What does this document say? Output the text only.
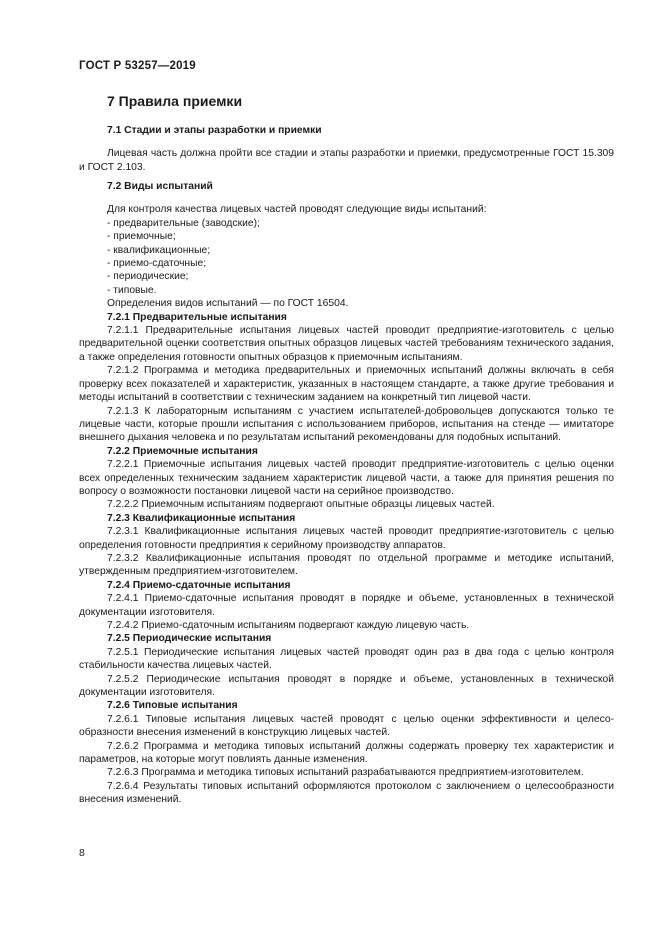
ГОСТ Р 53257—2019
7 Правила приемки

7.1 Стадии и этапы разработки и приемки

Лицевая часть должна пройти все стадии и этапы разработки и приемки, предусмотренные ГОСТ 15.309 и ГОСТ 2.103.

7.2 Виды испытаний

Для контроля качества лицевых частей проводят следующие виды испытаний:

- предварительные (заводские);

- приемочные;

- квалификационные;

- приемо-сдаточные;

- периодические;

- типовые.

Определения видов испытаний — по ГОСТ 16504.

7.2.1 Предварительные испытания

7.2.1.1 Предварительные испытания лицевых частей проводит предприятие-изготовитель с целью предварительной оценки соответствия опытных образцов лицевых частей требованиям технического задания, а также определения готовности опытных образцов к приемочным испытаниям.

7.2.1.2 Программа и методика предварительных и приемочных испытаний должны включать в себя проверку всех показателей и характеристик, указанных в настоящем стандарте, а также другие требования и методы испытаний в соответствии с техническим заданием на конкретный тип лицевой части.

7.2.1.3 К лабораторным испытаниям с участием испытателей-добровольцев допускаются только те лицевые части, которые прошли испытания с использованием приборов, испытания на стенде — имитаторе внешнего дыхания человека и по результатам испытаний рекомендованы для подобных испытаний.

7.2.2 Приемочные испытания

7.2.2.1 Приемочные испытания лицевых частей проводит предприятие-изготовитель с целью оценки всех определенных техническим заданием характеристик лицевой части, а также для принятия решения по вопросу о возможности постановки лицевой части на серийное производство.

7.2.2.2 Приемочным испытаниям подвергают опытные образцы лицевых частей.

7.2.3 Квалификационные испытания

7.2.3.1 Квалификационные испытания лицевых частей проводит предприятие-изготовитель с целью определения готовности предприятия к серийному производству аппаратов.

7.2.3.2 Квалификационные испытания проводят по отдельной программе и методике испытаний, утвержденным предприятием-изготовителем.

7.2.4 Приемо-сдаточные испытания

7.2.4.1 Приемо-сдаточные испытания проводят в порядке и объеме, установленных в технической документации изготовителя.

7.2.4.2 Приемо-сдаточным испытаниям подвергают каждую лицевую часть.

7.2.5 Периодические испытания

7.2.5.1 Периодические испытания лицевых частей проводят один раз в два года с целью контроля стабильности качества лицевых частей.

7.2.5.2 Периодические испытания проводят в порядке и объеме, установленных в технической документации изготовителя.

7.2.6 Типовые испытания

7.2.6.1 Типовые испытания лицевых частей проводят с целью оценки эффективности и целесообразности внесения изменений в конструкцию лицевых частей.

7.2.6.2 Программа и методика типовых испытаний должны содержать проверку тех характеристик и параметров, на которые могут повлиять данные изменения.

7.2.6.3 Программа и методика типовых испытаний разрабатываются предприятием-изготовителем.

7.2.6.4 Результаты типовых испытаний оформляются протоколом с заключением о целесообразности внесения изменений.

8
